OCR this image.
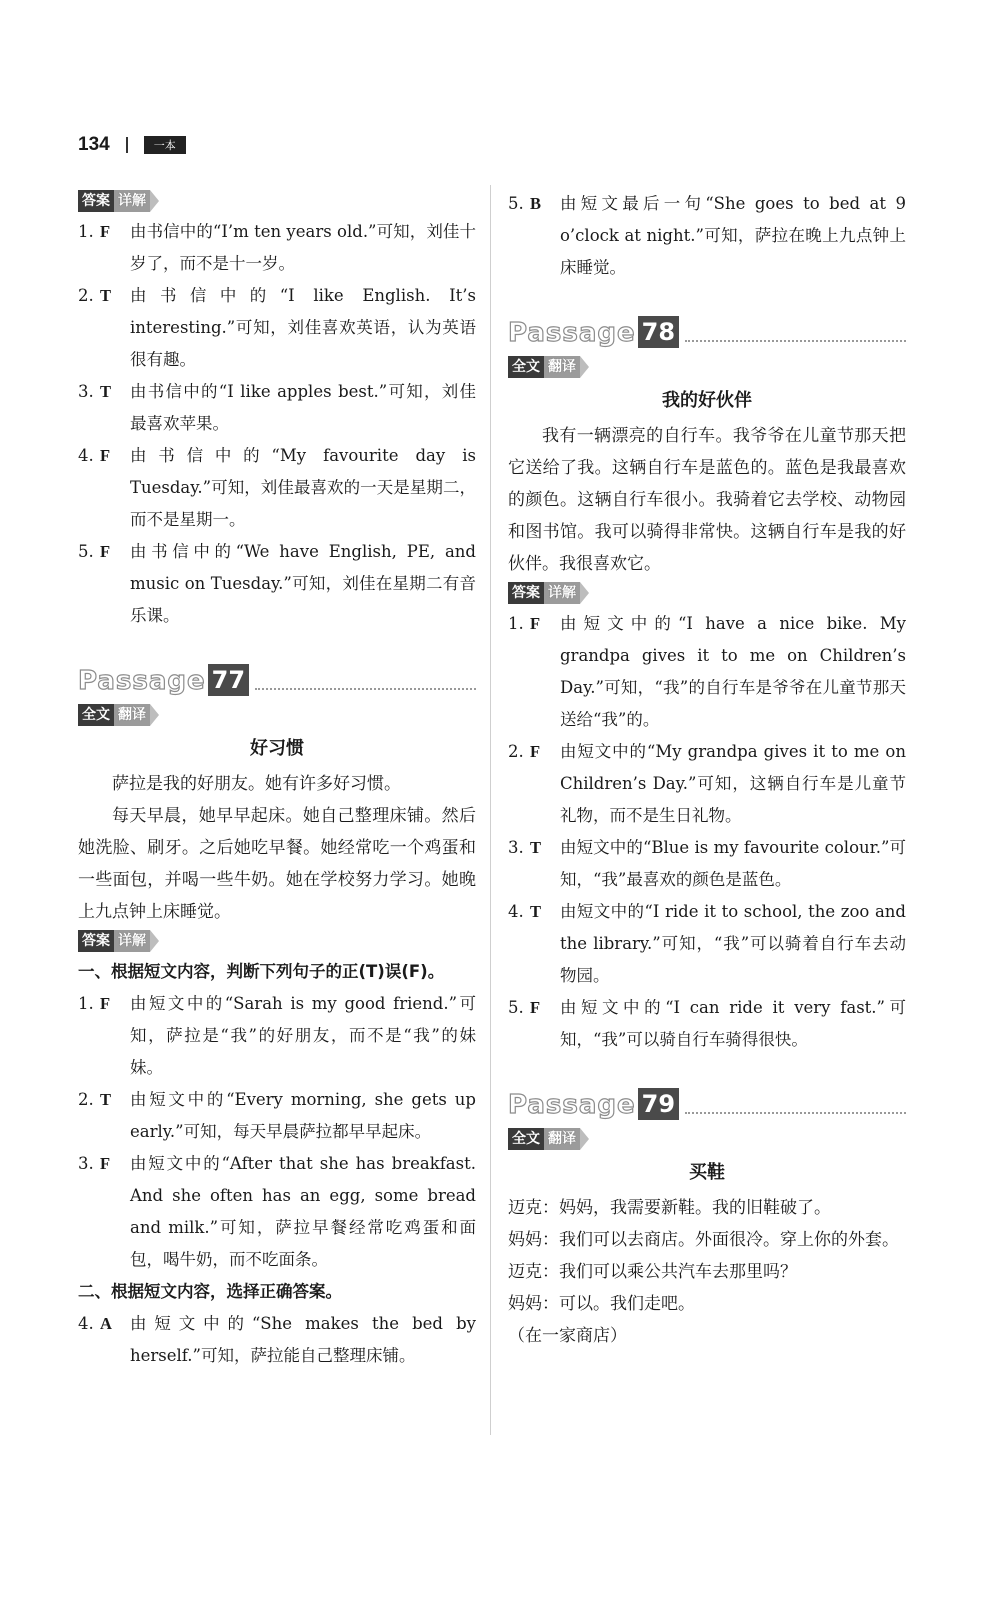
134	一本
答案 详解
1. F	由书信中的“I’m ten years old.”可知，刘佳十岁了，而不是十一岁。
2. T	由书信中的“I like English. It’s interesting.”可知，刘佳喜欢英语，认为英语很有趣。
3. T	由书信中的“I like apples best.”可知，刘佳最喜欢苹果。
4. F	由书信中的“My favourite day is Tuesday.”可知，刘佳最喜欢的一天是星期二，而不是星期一。
5. F	由书信中的“We have English, PE, and music on Tuesday.”可知，刘佳在星期二有音乐课。
Passage 77
全文 翻译
好习惯

萨拉是我的好朋友。她有许多好习惯。

每天早晨，她早早起床。她自己整理床铺。然后她洗脸、刷牙。之后她吃早餐。她经常吃一个鸡蛋和一些面包，并喝一些牛奶。她在学校努力学习。她晚上九点钟上床睡觉。

答案 详解

一、根据短文内容，判断下列句子的正(T)误(F)。

1. F	由短文中的“Sarah is my good friend.”可知，萨拉是“我”的好朋友，而不是“我”的妹妹。
2. T	由短文中的“Every morning, she gets up early.”可知，每天早晨萨拉都早早起床。
3. F	由短文中的“After that she has breakfast. And she often has an egg, some bread and milk.”可知，萨拉早餐经常吃鸡蛋和面包，喝牛奶，而不吃面条。

二、根据短文内容，选择正确答案。

4. A	由短文中的“She makes the bed by herself.”可知，萨拉能自己整理床铺。
5. B	由短文最后一句“She goes to bed at 9 o’clock at night.”可知，萨拉在晚上九点钟上床睡觉。
Passage 78
全文 翻译
我的好伙伴

我有一辆漂亮的自行车。我爷爷在儿童节那天把它送给了我。这辆自行车是蓝色的。蓝色是我最喜欢的颜色。这辆自行车很小。我骑着它去学校、动物园和图书馆。我可以骑得非常快。这辆自行车是我的好伙伴。我很喜欢它。

答案 详解
1. F	由短文中的“I have a nice bike. My grandpa gives it to me on Children’s Day.”可知，“我”的自行车是爷爷在儿童节那天送给“我”的。
2. F	由短文中的“My grandpa gives it to me on Children’s Day.”可知，这辆自行车是儿童节礼物，而不是生日礼物。
3. T	由短文中的“Blue is my favourite colour.”可知，“我”最喜欢的颜色是蓝色。
4. T	由短文中的“I ride it to school, the zoo and the library.”可知，“我”可以骑着自行车去动物园。
5. F	由短文中的“I can ride it very fast.”可知，“我”可以骑自行车骑得很快。
Passage 79
全文 翻译
买鞋
迈克： 妈妈，我需要新鞋。我的旧鞋破了。
妈妈： 我们可以去商店。外面很冷。穿上你的外套。
迈克： 我们可以乘公共汽车去那里吗？
妈妈： 可以。我们走吧。

（在一家商店）
